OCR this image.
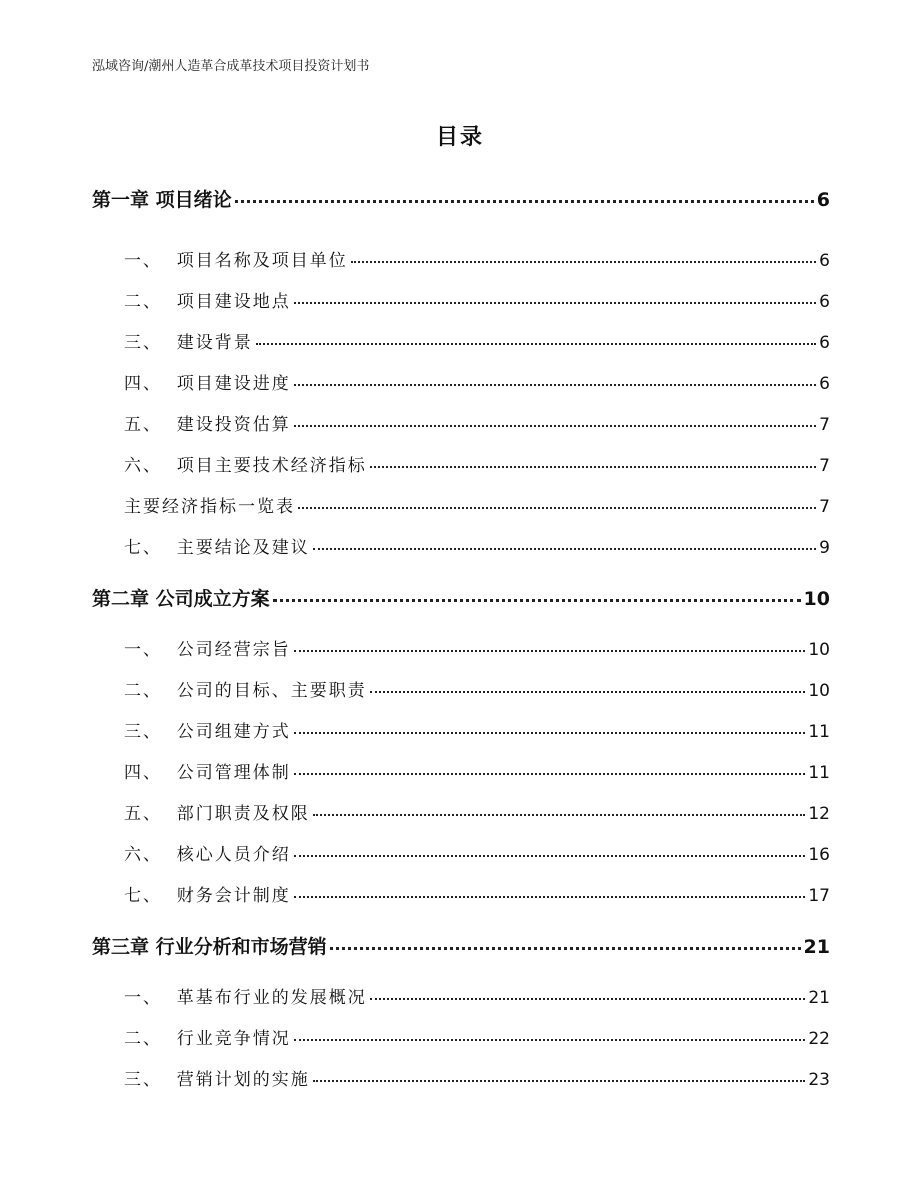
泓域咨询/潮州人造革合成革技术项目投资计划书
目录
第一章 项目绪论	6
一、  项目名称及项目单位	6
二、  项目建设地点	6
三、  建设背景	6
四、  项目建设进度	6
五、  建设投资估算	7
六、  项目主要技术经济指标	7
主要经济指标一览表	7
七、  主要结论及建议	9
第二章 公司成立方案	10
一、  公司经营宗旨	10
二、  公司的目标、主要职责	10
三、  公司组建方式	11
四、  公司管理体制	11
五、  部门职责及权限	12
六、  核心人员介绍	16
七、  财务会计制度	17
第三章 行业分析和市场营销	21
一、  革基布行业的发展概况	21
二、  行业竞争情况	22
三、  营销计划的实施	23
